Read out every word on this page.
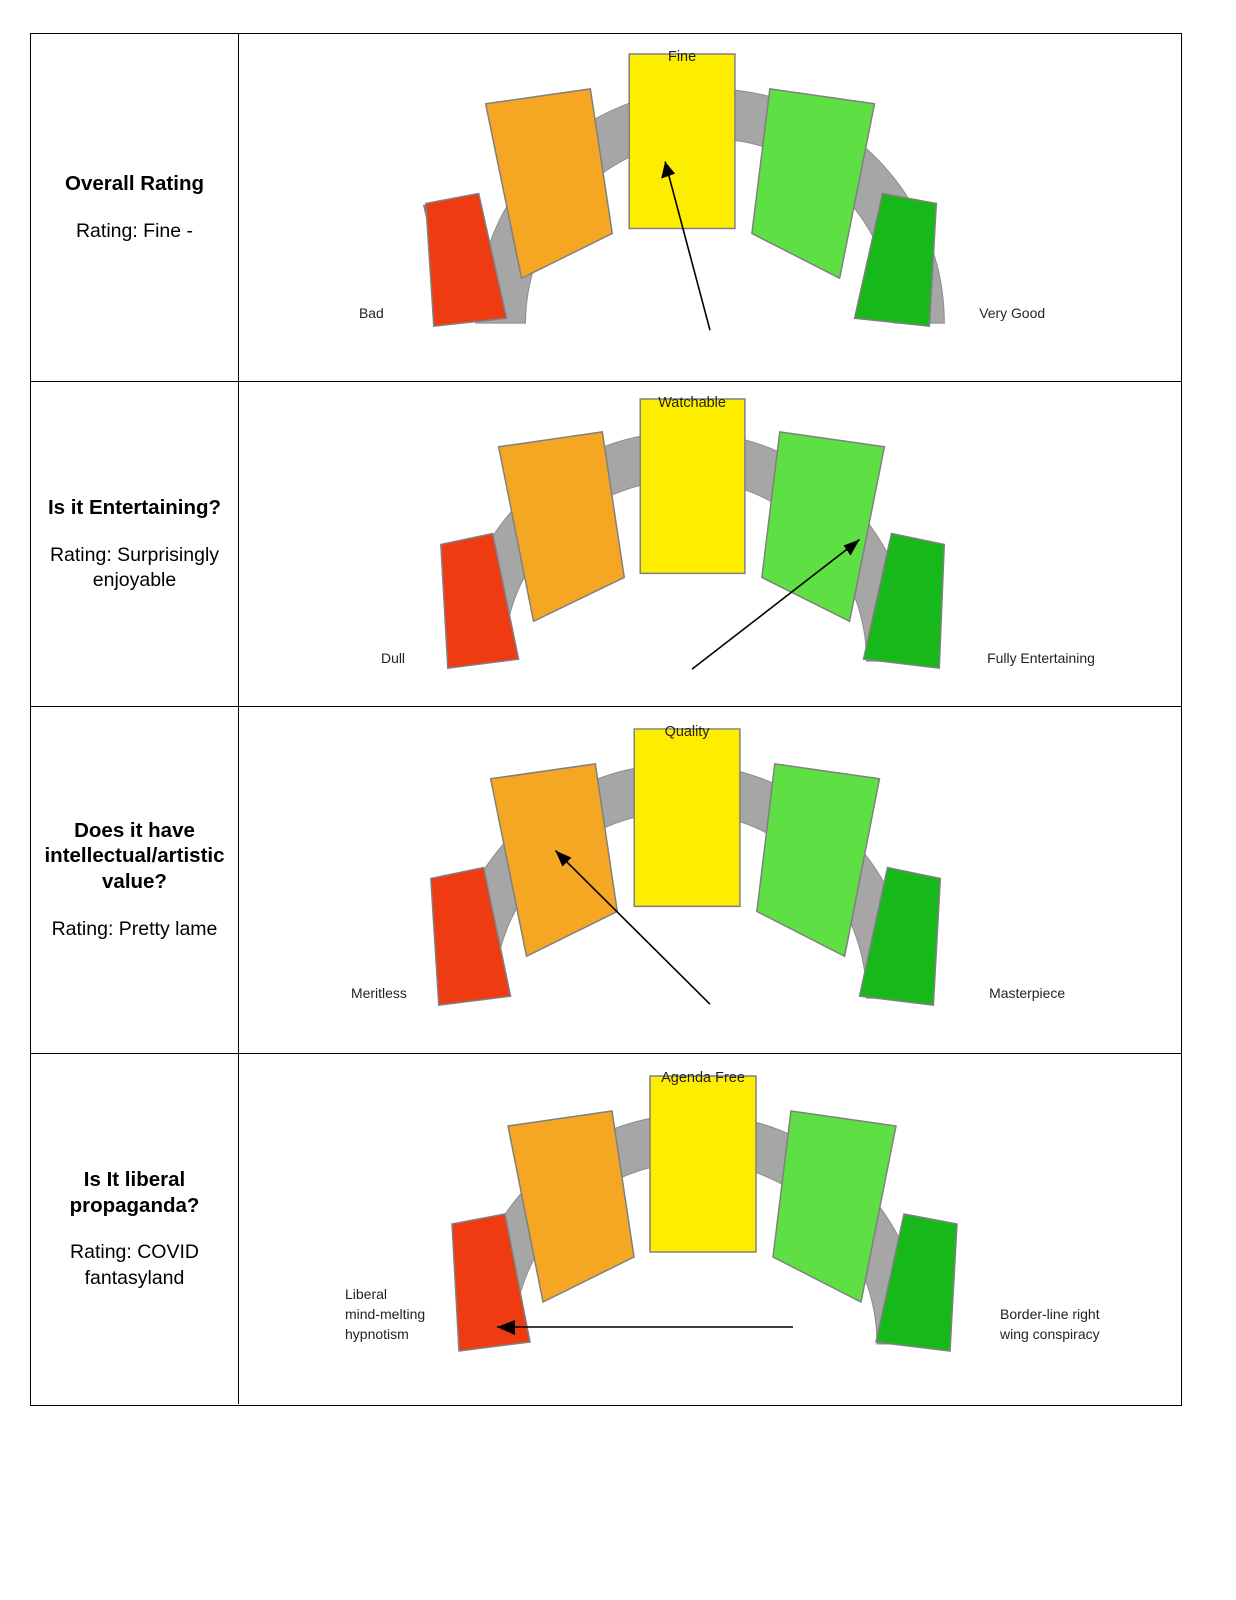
Overall Rating
Rating: Fine -
Fine
Bad	Very Good
Is it Entertaining?
Rating: Surprisingly enjoyable
Watchable
Dull	Fully Entertaining
Does it have intellectual/artistic value?
Rating: Pretty lame
Quality
Meritless	Masterpiece
Is It liberal propaganda?
Rating: COVID fantasyland
Agenda Free
Liberal
mind-melting
hypnotism
Border-line right
wing conspiracy
